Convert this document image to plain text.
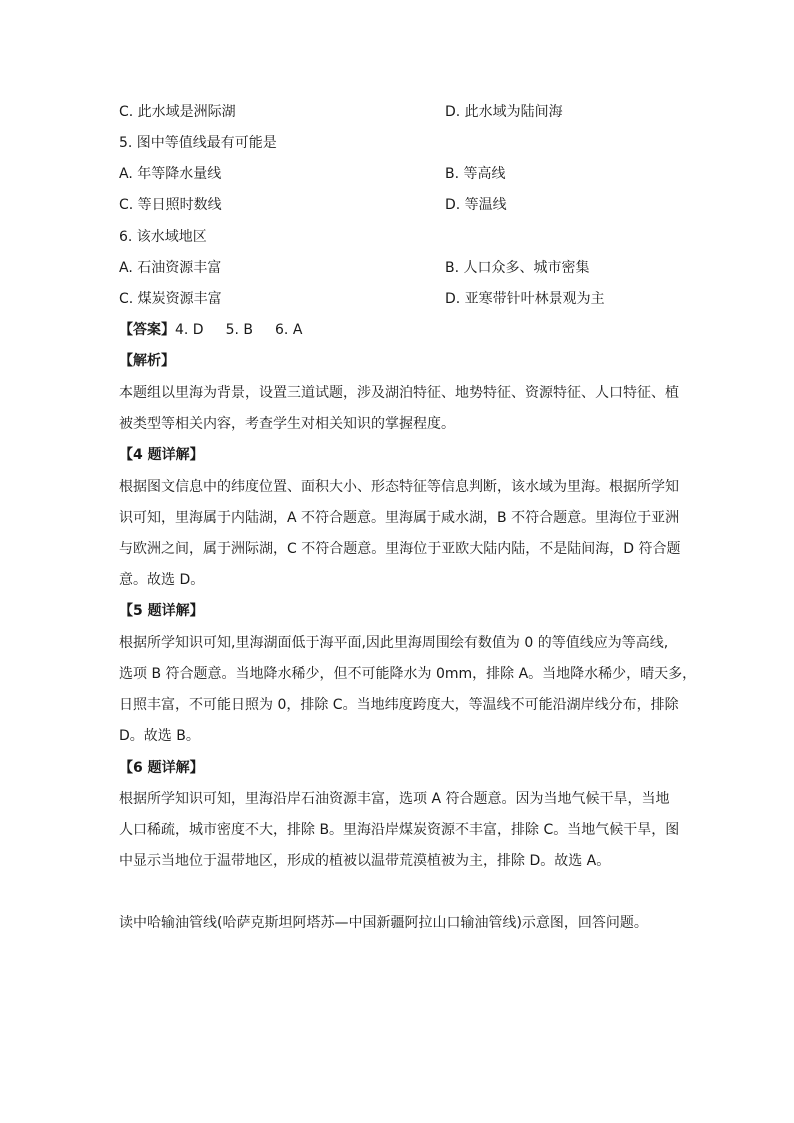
C. 此水域是洲际湖	D. 此水域为陆间海
5. 图中等值线最有可能是
A. 年等降水量线	B. 等高线
C. 等日照时数线	D. 等温线
6. 该水域地区
A. 石油资源丰富	B. 人口众多、城市密集
C. 煤炭资源丰富	D. 亚寒带针叶林景观为主
【答案】4. D 5. B 6. A
【解析】
本题组以里海为背景，设置三道试题，涉及湖泊特征、地势特征、资源特征、人口特征、植
被类型等相关内容，考查学生对相关知识的掌握程度。
【4 题详解】
根据图文信息中的纬度位置、面积大小、形态特征等信息判断，该水域为里海。根据所学知
识可知，里海属于内陆湖，A 不符合题意。里海属于咸水湖，B 不符合题意。里海位于亚洲
与欧洲之间，属于洲际湖，C 不符合题意。里海位于亚欧大陆内陆，不是陆间海，D 符合题
意。故选 D。
【5 题详解】
根据所学知识可知,里海湖面低于海平面,因此里海周围绘有数值为 0 的等值线应为等高线,
选项 B 符合题意。当地降水稀少，但不可能降水为 0mm，排除 A。当地降水稀少，晴天多，
日照丰富，不可能日照为 0，排除 C。当地纬度跨度大，等温线不可能沿湖岸线分布，排除
D。故选 B。
【6 题详解】
根据所学知识可知，里海沿岸石油资源丰富，选项 A 符合题意。因为当地气候干旱，当地
人口稀疏，城市密度不大，排除 B。里海沿岸煤炭资源不丰富，排除 C。当地气候干旱，图
中显示当地位于温带地区，形成的植被以温带荒漠植被为主，排除 D。故选 A。
读中哈输油管线(哈萨克斯坦阿塔苏—中国新疆阿拉山口输油管线)示意图，回答问题。
